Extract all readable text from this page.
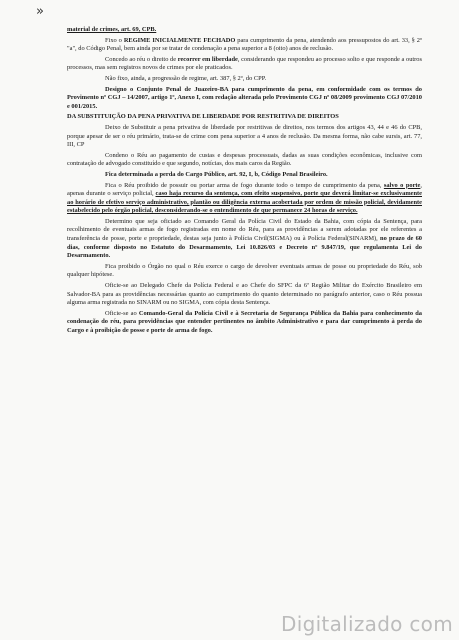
»

material de crimes, art. 69, CPB.

Fixo o REGIME INICIALMENTE FECHADO para cumprimento da pena, atendendo aos pressupostos do art. 33, § 2º "a", do Código Penal, bem ainda por se tratar de condenação a pena superior a 8 (oito) anos de reclusão.

Concedo ao réu o direito de recorrer em liberdade, considerando que respondeu ao processo solto e que responde a outros processos, mas sem registros novos de crimes por ele praticados.

Não fixo, ainda, a progressão de regime, art. 387, § 2º, do CPP.

Designo o Conjunto Penal de Juazeiro-BA para cumprimento da pena, em conformidade com os termos do Provimento nº CGJ – 14/2007, artigo 1º, Anexo I, com redação alterada pelo Provimento CGJ nº 08/2009 provimento CGJ 07/2010 e 001/2015.

DA SUBSTITUIÇÃO DA PENA PRIVATIVA DE LIBERDADE POR RESTRITIVA DE DIREITOS

Deixo de Substituir a pena privativa de liberdade por restritivas de direitos, nos termos dos artigos 43, 44 e 46 do CPB, porque apesar de ser o réu primário, trata-se de crime com pena superior a 4 anos de reclusão. Da mesma forma, não cabe sursis, art. 77, III, CP

Condeno o Réu ao pagamento de custas e despesas processuais, dadas as suas condições econômicas, inclusive com contratação de advogado constituído e que segundo, notícias, dos mais caros da Região.

Fica determinada a perda do Cargo Público, art. 92, I, b, Código Penal Brasileiro.

Fica o Réu proibido de possuir ou portar arma de fogo durante todo o tempo de cumprimento da pena, salvo o porte, apenas durante o serviço policial, caso haja recurso da sentença, com efeito suspensivo, porte que deverá limitar-se exclusivamente ao horário de efetivo serviço administrativo, plantão ou diligência externa acobertada por ordem de missão policial, devidamente estabelecido pelo órgão policial, desconsiderando-se o entendimento de que permanece 24 horas de serviço.

Determino que seja oficiado ao Comando Geral da Polícia Civil do Estado da Bahia, com cópia da Sentença, para recolhimento de eventuais armas de fogo registradas em nome do Réu, para as providências a serem adotadas por ele referentes a transferência de posse, porte e propriedade, destas seja junto à Polícia Civil(SIGMA) ou à Polícia Federal(SINARM), no prazo de 60 dias, conforme disposto no Estatuto do Desarmamento, Lei 10.826/03 e Decreto nº 9.847/19, que regulamenta Lei do Desarmamento.

Fica proibido o Órgão no qual o Réu exerce o cargo de devolver eventuais armas de posse ou propriedade do Réu, sob qualquer hipótese.

Oficie-se ao Delegado Chefe da Polícia Federal e ao Chefe do SFPC da 6ª Região Militar do Exército Brasileiro em Salvador-BA para as providências necessárias quanto ao cumprimento do quanto determinado no parágrafo anterior, caso o Réu possua alguma arma registrada no SINARM ou no SIGMA, com cópia desta Sentença.

Oficie-se ao Comando-Geral da Polícia Civil e à Secretaria de Segurança Pública da Bahia para conhecimento da condenação do réu, para providências que entender pertinentes no âmbito Administrativo e para dar cumprimento à perda do Cargo e à proibição de posse e porte de arma de fogo.

Digitalizado com
